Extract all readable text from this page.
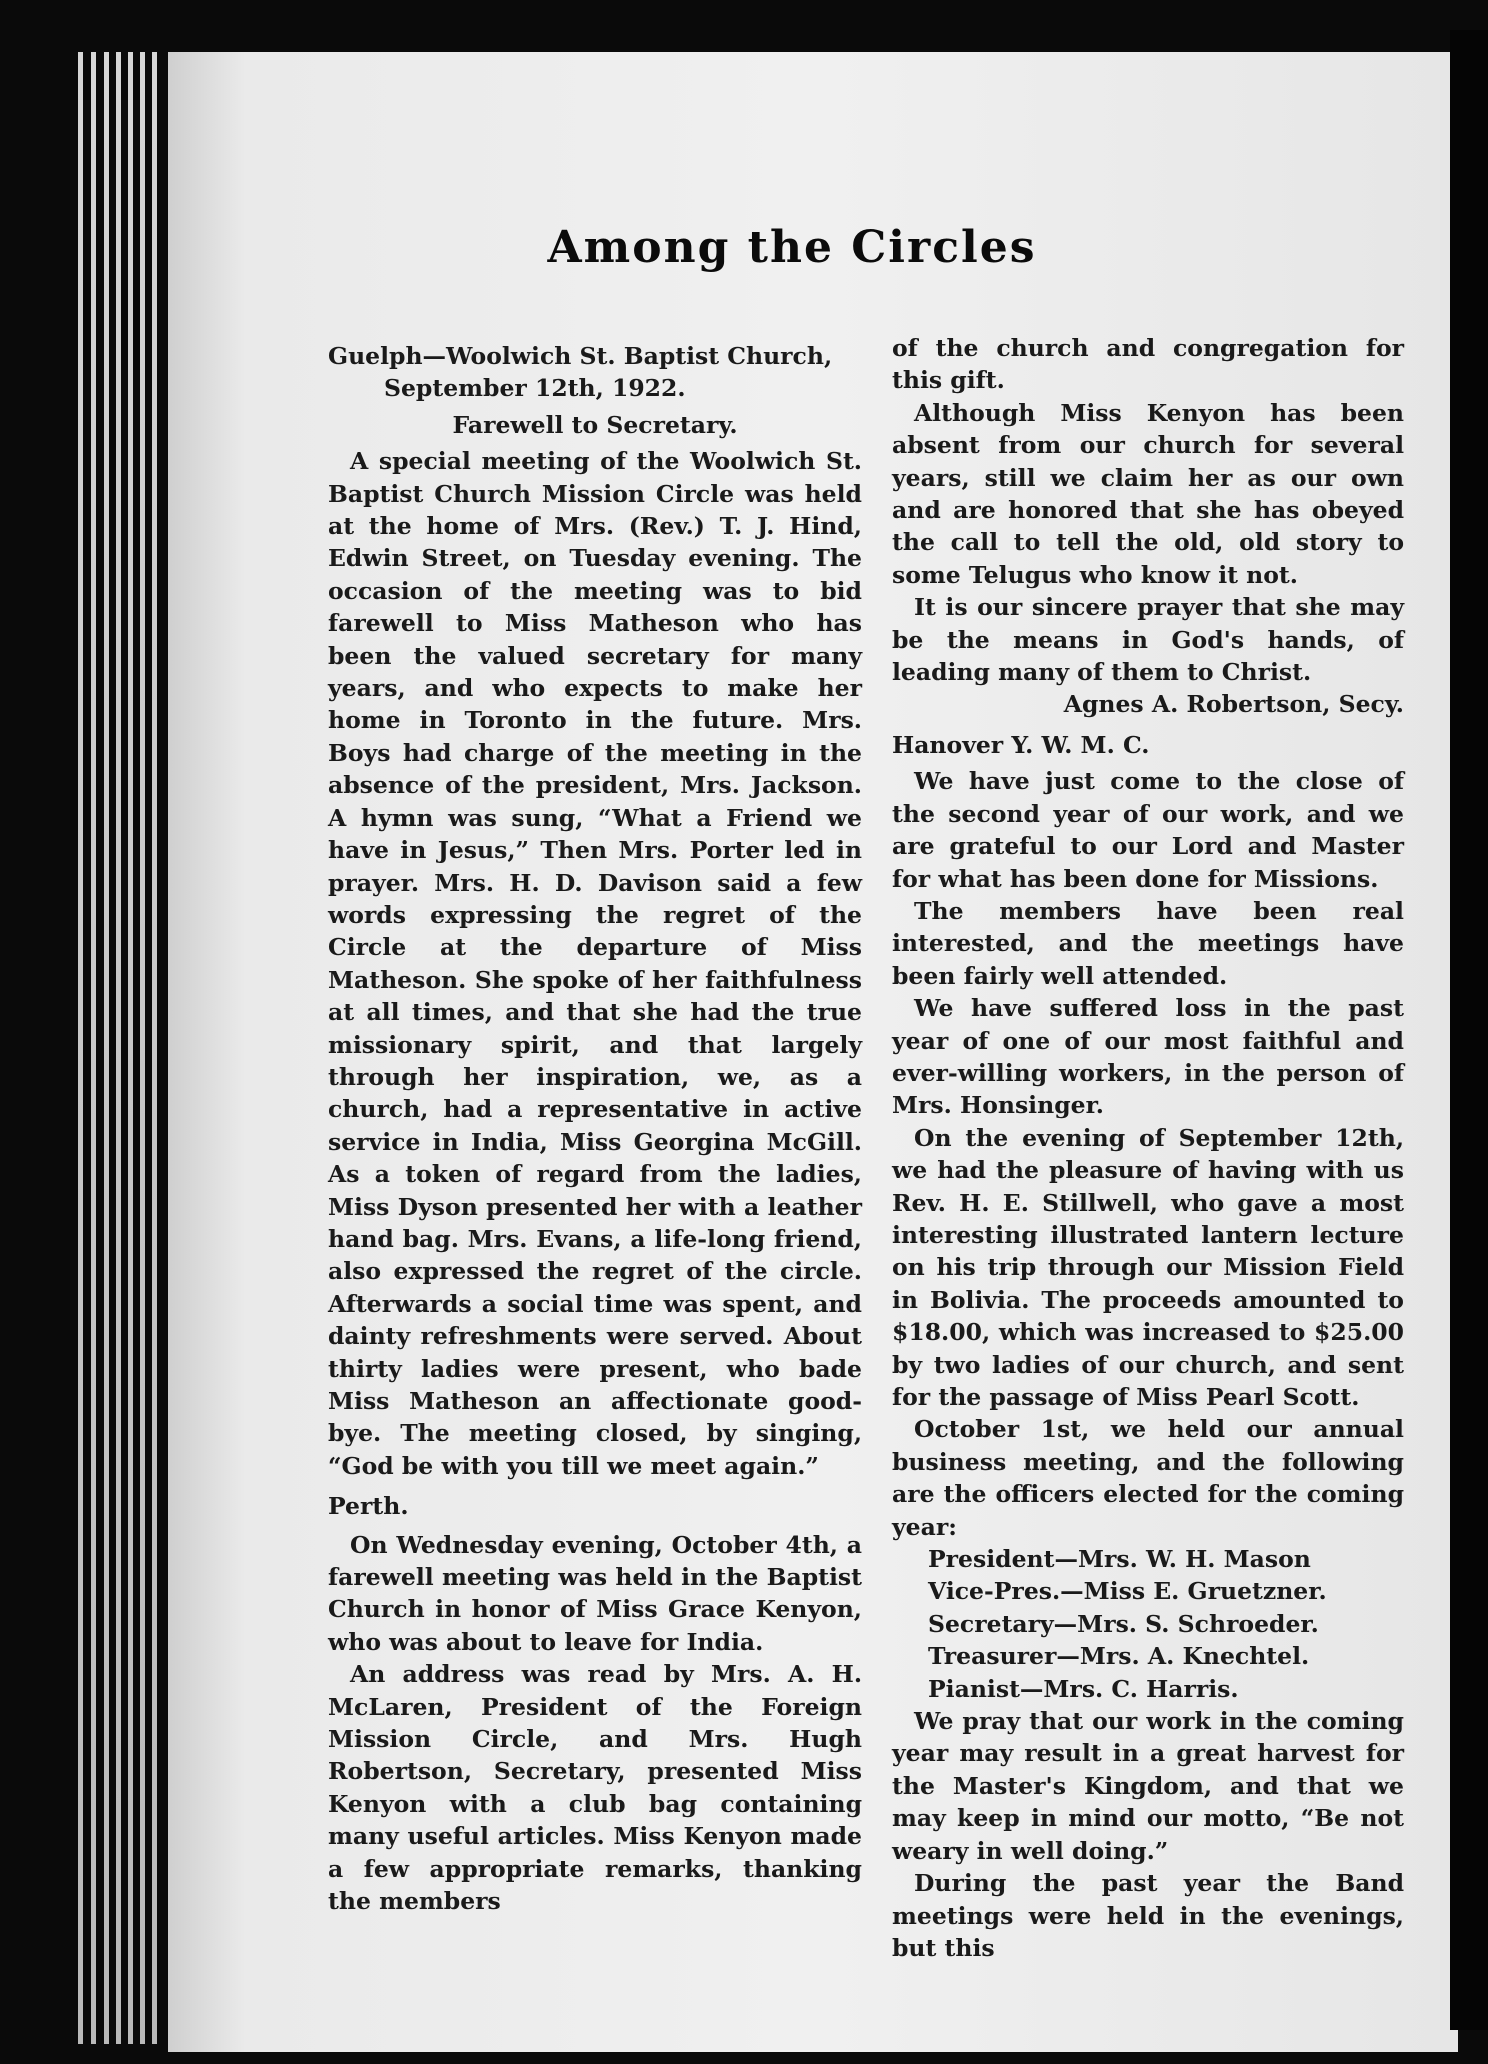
Among the Circles

Guelph—Woolwich St. Baptist Church,

September 12th, 1922.

Farewell to Secretary.

A special meeting of the Woolwich St. Baptist Church Mission Circle was held at the home of Mrs. (Rev.) T. J. Hind, Edwin Street, on Tuesday evening. The occasion of the meeting was to bid farewell to Miss Matheson who has been the valued secretary for many years, and who expects to make her home in Toronto in the future. Mrs. Boys had charge of the meeting in the absence of the president, Mrs. Jackson. A hymn was sung, “What a Friend we have in Jesus,” Then Mrs. Porter led in prayer. Mrs. H. D. Davison said a few words expressing the regret of the Circle at the departure of Miss Matheson. She spoke of her faithfulness at all times, and that she had the true missionary spirit, and that largely through her inspiration, we, as a church, had a representative in active service in India, Miss Georgina McGill. As a token of regard from the ladies, Miss Dyson presented her with a leather hand bag. Mrs. Evans, a life-long friend, also expressed the regret of the circle. Afterwards a social time was spent, and dainty refreshments were served. About thirty ladies were present, who bade Miss Matheson an affectionate good-bye. The meeting closed, by singing, “God be with you till we meet again.”

Perth.

On Wednesday evening, October 4th, a farewell meeting was held in the Baptist Church in honor of Miss Grace Kenyon, who was about to leave for India.

An address was read by Mrs. A. H. McLaren, President of the Foreign Mission Circle, and Mrs. Hugh Robertson, Secretary, presented Miss Kenyon with a club bag containing many useful articles. Miss Kenyon made a few appropriate remarks, thanking the members

of the church and congregation for this gift.

Although Miss Kenyon has been absent from our church for several years, still we claim her as our own and are honored that she has obeyed the call to tell the old, old story to some Telugus who know it not.

It is our sincere prayer that she may be the means in God's hands, of leading many of them to Christ.

Agnes A. Robertson, Secy.

Hanover Y. W. M. C.

We have just come to the close of the second year of our work, and we are grateful to our Lord and Master for what has been done for Missions.

The members have been real interested, and the meetings have been fairly well attended.

We have suffered loss in the past year of one of our most faithful and ever-willing workers, in the person of Mrs. Honsinger.

On the evening of September 12th, we had the pleasure of having with us Rev. H. E. Stillwell, who gave a most interesting illustrated lantern lecture on his trip through our Mission Field in Bolivia. The proceeds amounted to $18.00, which was increased to $25.00 by two ladies of our church, and sent for the passage of Miss Pearl Scott.

October 1st, we held our annual business meeting, and the following are the officers elected for the coming year:

President—Mrs. W. H. Mason

Vice-Pres.—Miss E. Gruetzner.

Secretary—Mrs. S. Schroeder.

Treasurer—Mrs. A. Knechtel.

Pianist—Mrs. C. Harris.

We pray that our work in the coming year may result in a great harvest for the Master's Kingdom, and that we may keep in mind our motto, “Be not weary in well doing.”

During the past year the Band meetings were held in the evenings, but this
